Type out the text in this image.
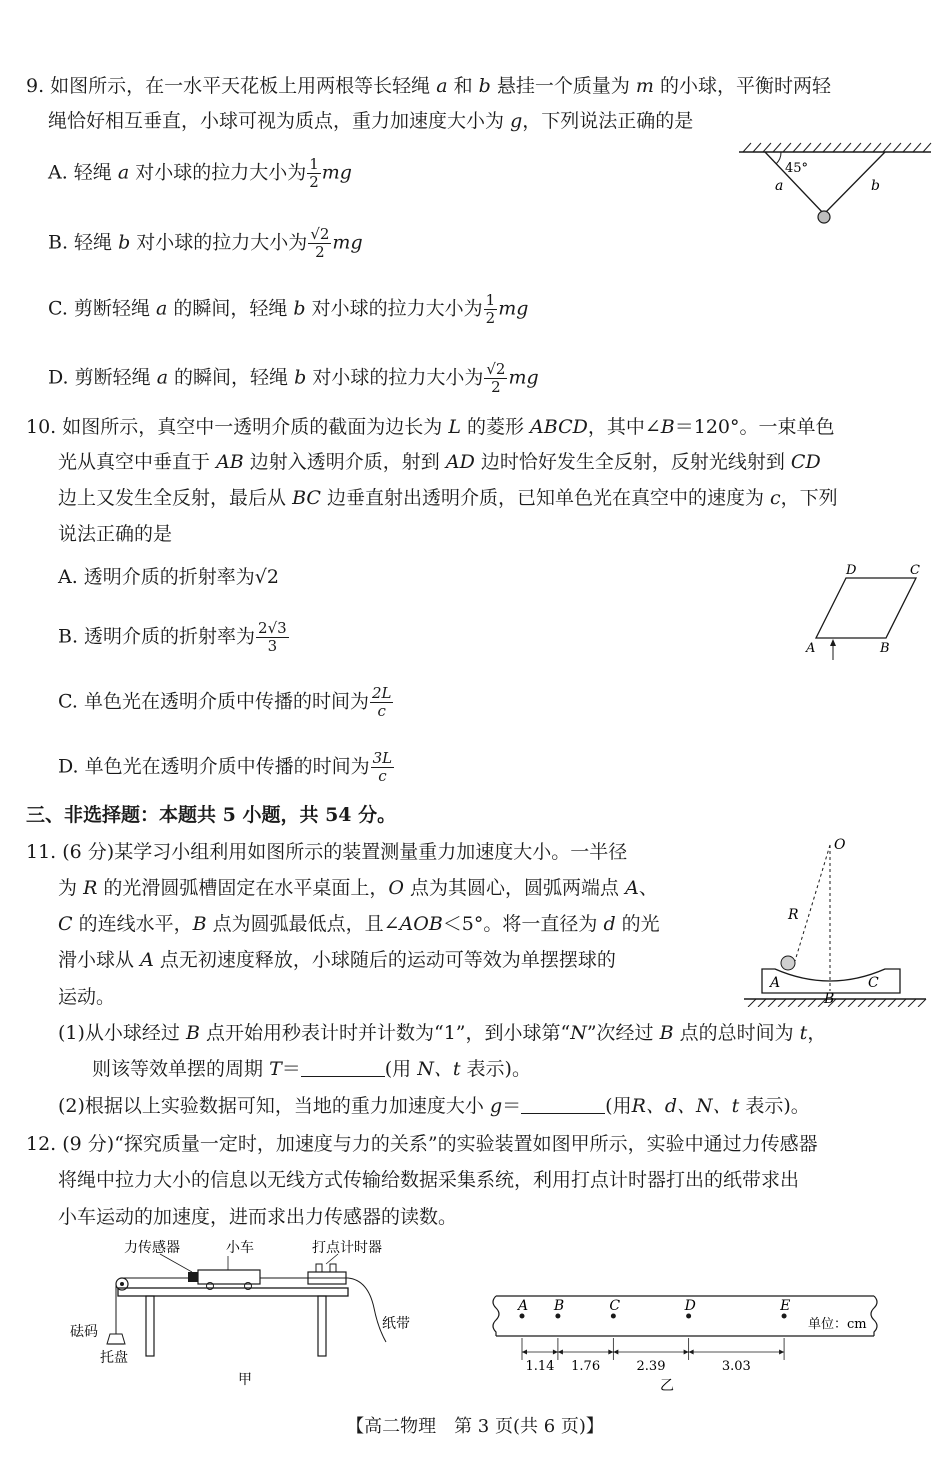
9. 如图所示，在一水平天花板上用两根等长轻绳 a 和 b 悬挂一个质量为 m 的小球，平衡时两轻
绳恰好相互垂直，小球可视为质点，重力加速度大小为 g，下列说法正确的是
A. 轻绳 a 对小球的拉力大小为 $\frac{1}{2}$ mg
B. 轻绳 b 对小球的拉力大小为 $\frac{√2}{2}$ mg
C. 剪断轻绳 a 的瞬间，轻绳 b 对小球的拉力大小为 $\frac{1}{2}$ mg
D. 剪断轻绳 a 的瞬间，轻绳 b 对小球的拉力大小为 $\frac{√2}{2}$ mg
45°
a	b
10. 如图所示，真空中一透明介质的截面为边长为 L 的菱形 ABCD，其中∠B＝120°。一束单色
光从真空中垂直于 AB 边射入透明介质，射到 AD 边时恰好发生全反射，反射光线射到 CD
边上又发生全反射，最后从 BC 边垂直射出透明介质，已知单色光在真空中的速度为 c，下列
说法正确的是
A. 透明介质的折射率为√2
B. 透明介质的折射率为 $\frac{2√3}{3}$
C. 单色光在透明介质中传播的时间为 $\frac{2L}{c}$
D. 单色光在透明介质中传播的时间为 $\frac{3L}{c}$
A	B
C
D
三、非选择题：本题共 5 小题，共 54 分。
11. (6 分)某学习小组利用如图所示的装置测量重力加速度大小。一半径
为 R 的光滑圆弧槽固定在水平桌面上，O 点为其圆心，圆弧两端点 A、
C 的连线水平，B 点为圆弧最低点，且∠AOB＜5°。将一直径为 d 的光
滑小球从 A 点无初速度释放，小球随后的运动可等效为单摆摆球的
运动。
(1)从小球经过 B 点开始用秒表计时并计数为“1”，到小球第“N”次经过 B 点的总时间为 t，
则该等效单摆的周期 T＝	(用 N、t 表示)。
(2)根据以上实验数据可知，当地的重力加速度大小 g＝	(用R、d、N、t 表示)。
O
R
A
B
C
12. (9 分)“探究质量一定时，加速度与力的关系”的实验装置如图甲所示，实验中通过力传感器
将绳中拉力大小的信息以无线方式传输给数据采集系统，利用打点计时器打出的纸带求出
小车运动的加速度，进而求出力传感器的读数。
力传感器	小车	打点计时器
砝码
托盘
纸带
甲
A B	C	D	E
1.14 1.76	2.39	3.03
单位：cm
乙
【高二物理　第 3 页(共 6 页)】
